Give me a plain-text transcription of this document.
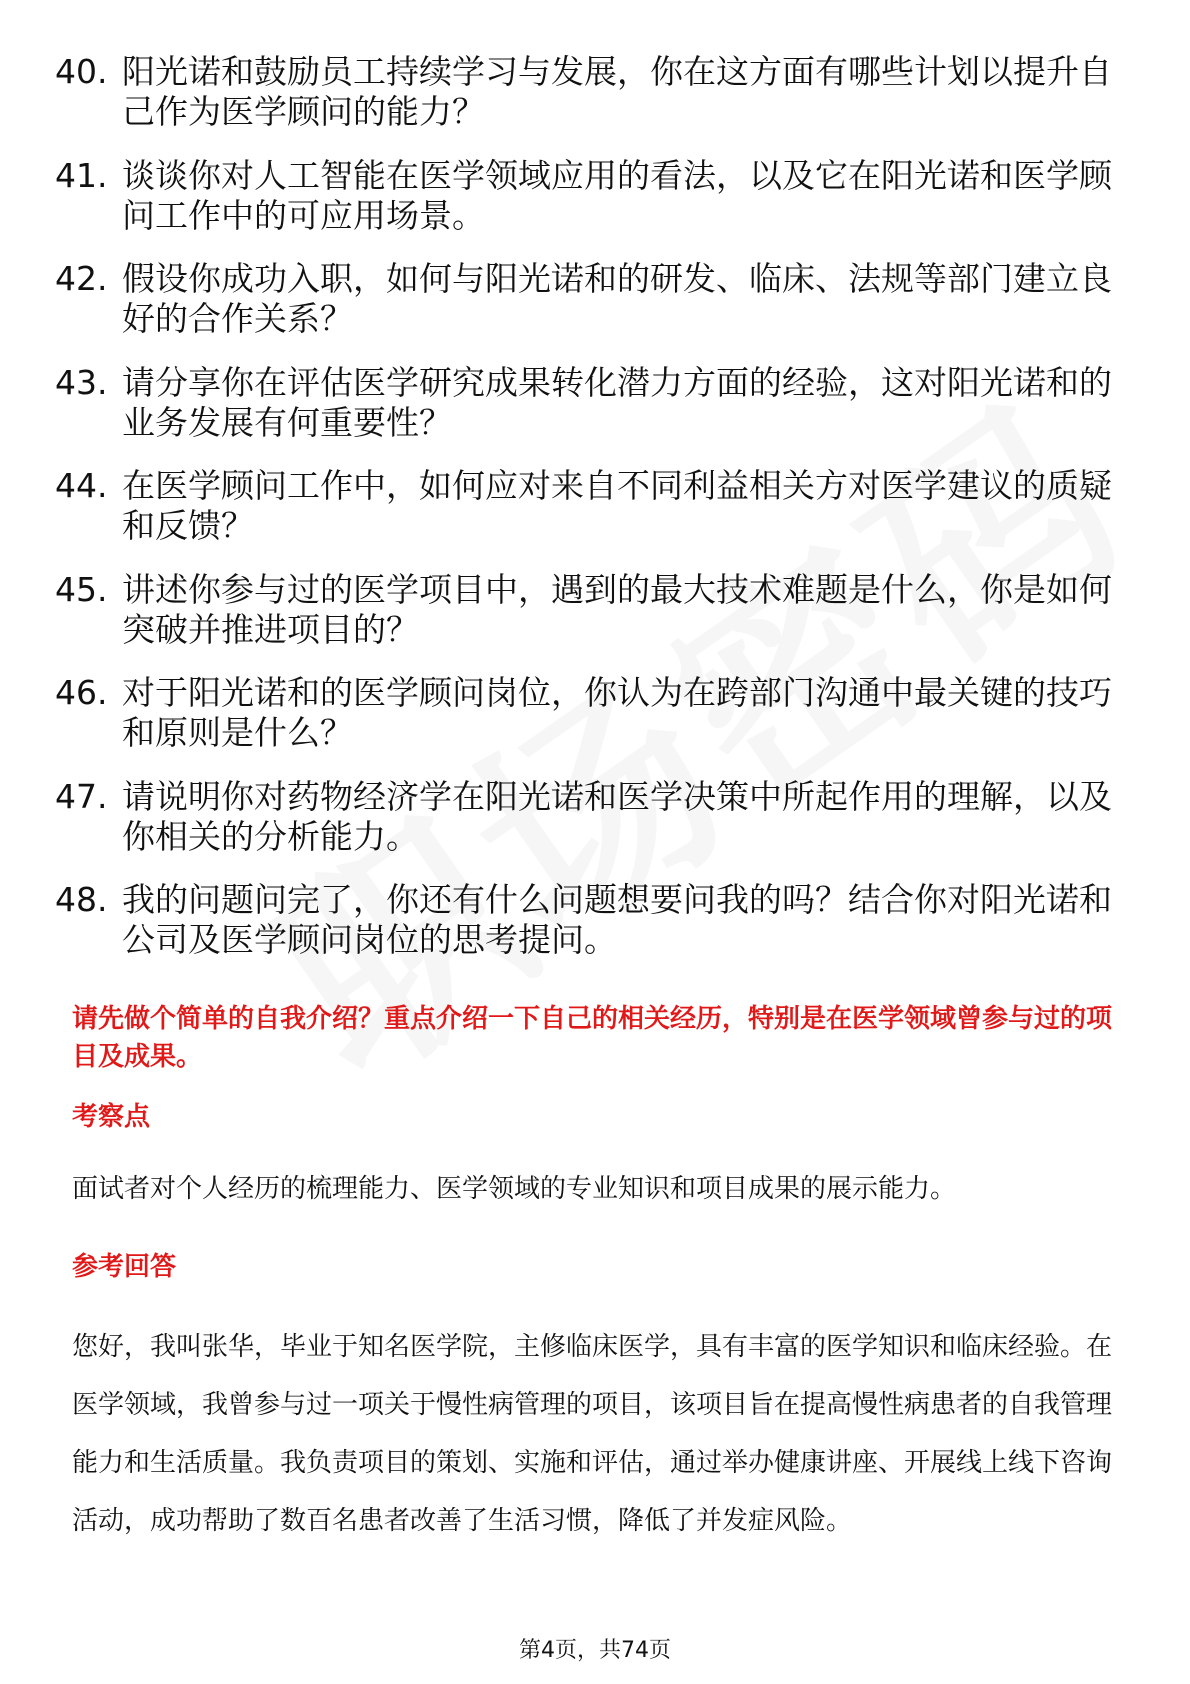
40. 阳光诺和鼓励员工持续学习与发展，你在这方面有哪些计划以提升自己作为医学顾问的能力？
41. 谈谈你对人工智能在医学领域应用的看法，以及它在阳光诺和医学顾问工作中的可应用场景。
42. 假设你成功入职，如何与阳光诺和的研发、临床、法规等部门建立良好的合作关系？
43. 请分享你在评估医学研究成果转化潜力方面的经验，这对阳光诺和的业务发展有何重要性？
44. 在医学顾问工作中，如何应对来自不同利益相关方对医学建议的质疑和反馈？
45. 讲述你参与过的医学项目中，遇到的最大技术难题是什么，你是如何突破并推进项目的？
46. 对于阳光诺和的医学顾问岗位，你认为在跨部门沟通中最关键的技巧和原则是什么？
47. 请说明你对药物经济学在阳光诺和医学决策中所起作用的理解，以及你相关的分析能力。
48. 我的问题问完了，你还有什么问题想要问我的吗？结合你对阳光诺和公司及医学顾问岗位的思考提问。
请先做个简单的自我介绍？重点介绍一下自己的相关经历，特别是在医学领域曾参与过的项目及成果。
考察点
面试者对个人经历的梳理能力、医学领域的专业知识和项目成果的展示能力。
参考回答
您好，我叫张华，毕业于知名医学院，主修临床医学，具有丰富的医学知识和临床经验。在医学领域，我曾参与过一项关于慢性病管理的项目，该项目旨在提高慢性病患者的自我管理能力和生活质量。我负责项目的策划、实施和评估，通过举办健康讲座、开展线上线下咨询活动，成功帮助了数百名患者改善了生活习惯，降低了并发症风险。
第4页，共74页
